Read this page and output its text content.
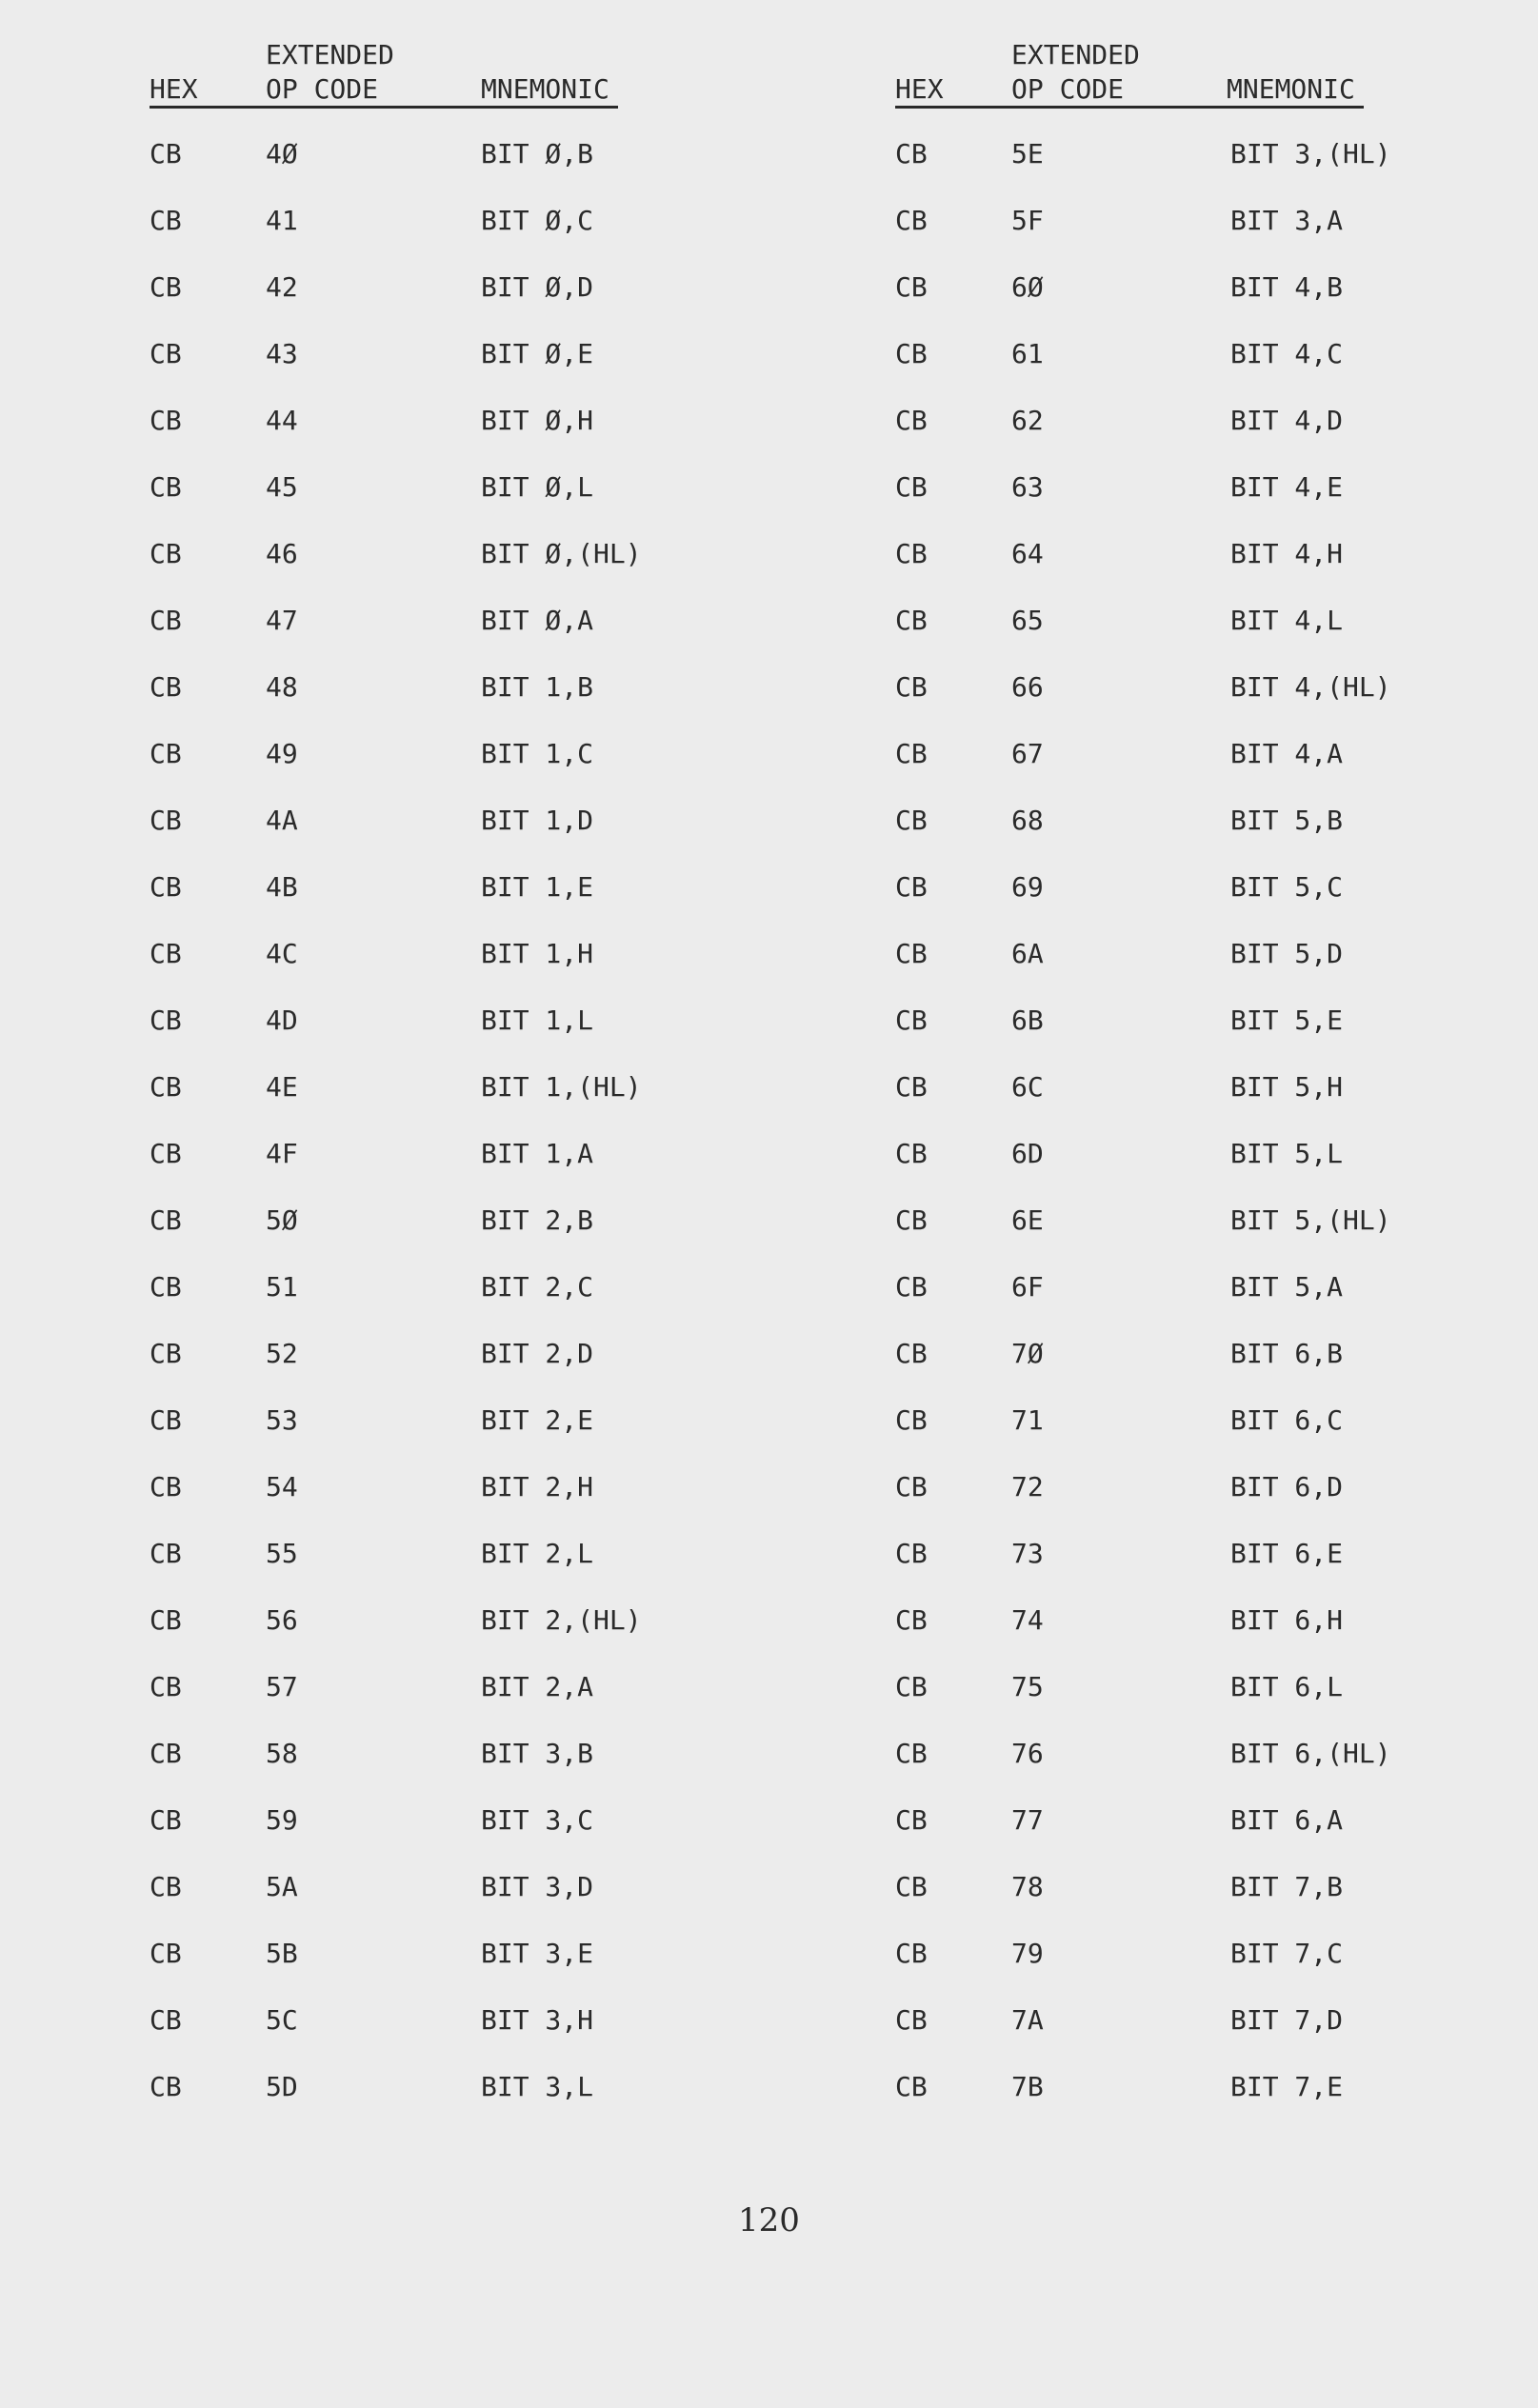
EXTENDED
HEX	OP CODE	MNEMONIC
CB	4Ø	BIT Ø,B
CB	41	BIT Ø,C
CB	42	BIT Ø,D
CB	43	BIT Ø,E
CB	44	BIT Ø,H
CB	45	BIT Ø,L
CB	46	BIT Ø,(HL)
CB	47	BIT Ø,A
CB	48	BIT 1,B
CB	49	BIT 1,C
CB	4A	BIT 1,D
CB	4B	BIT 1,E
CB	4C	BIT 1,H
CB	4D	BIT 1,L
CB	4E	BIT 1,(HL)
CB	4F	BIT 1,A
CB	5Ø	BIT 2,B
CB	51	BIT 2,C
CB	52	BIT 2,D
CB	53	BIT 2,E
CB	54	BIT 2,H
CB	55	BIT 2,L
CB	56	BIT 2,(HL)
CB	57	BIT 2,A
CB	58	BIT 3,B
CB	59	BIT 3,C
CB	5A	BIT 3,D
CB	5B	BIT 3,E
CB	5C	BIT 3,H
CB	5D	BIT 3,L
EXTENDED
HEX	OP CODE	MNEMONIC
CB	5E	BIT 3,(HL)
CB	5F	BIT 3,A
CB	6Ø	BIT 4,B
CB	61	BIT 4,C
CB	62	BIT 4,D
CB	63	BIT 4,E
CB	64	BIT 4,H
CB	65	BIT 4,L
CB	66	BIT 4,(HL)
CB	67	BIT 4,A
CB	68	BIT 5,B
CB	69	BIT 5,C
CB	6A	BIT 5,D
CB	6B	BIT 5,E
CB	6C	BIT 5,H
CB	6D	BIT 5,L
CB	6E	BIT 5,(HL)
CB	6F	BIT 5,A
CB	7Ø	BIT 6,B
CB	71	BIT 6,C
CB	72	BIT 6,D
CB	73	BIT 6,E
CB	74	BIT 6,H
CB	75	BIT 6,L
CB	76	BIT 6,(HL)
CB	77	BIT 6,A
CB	78	BIT 7,B
CB	79	BIT 7,C
CB	7A	BIT 7,D
CB	7B	BIT 7,E
120
